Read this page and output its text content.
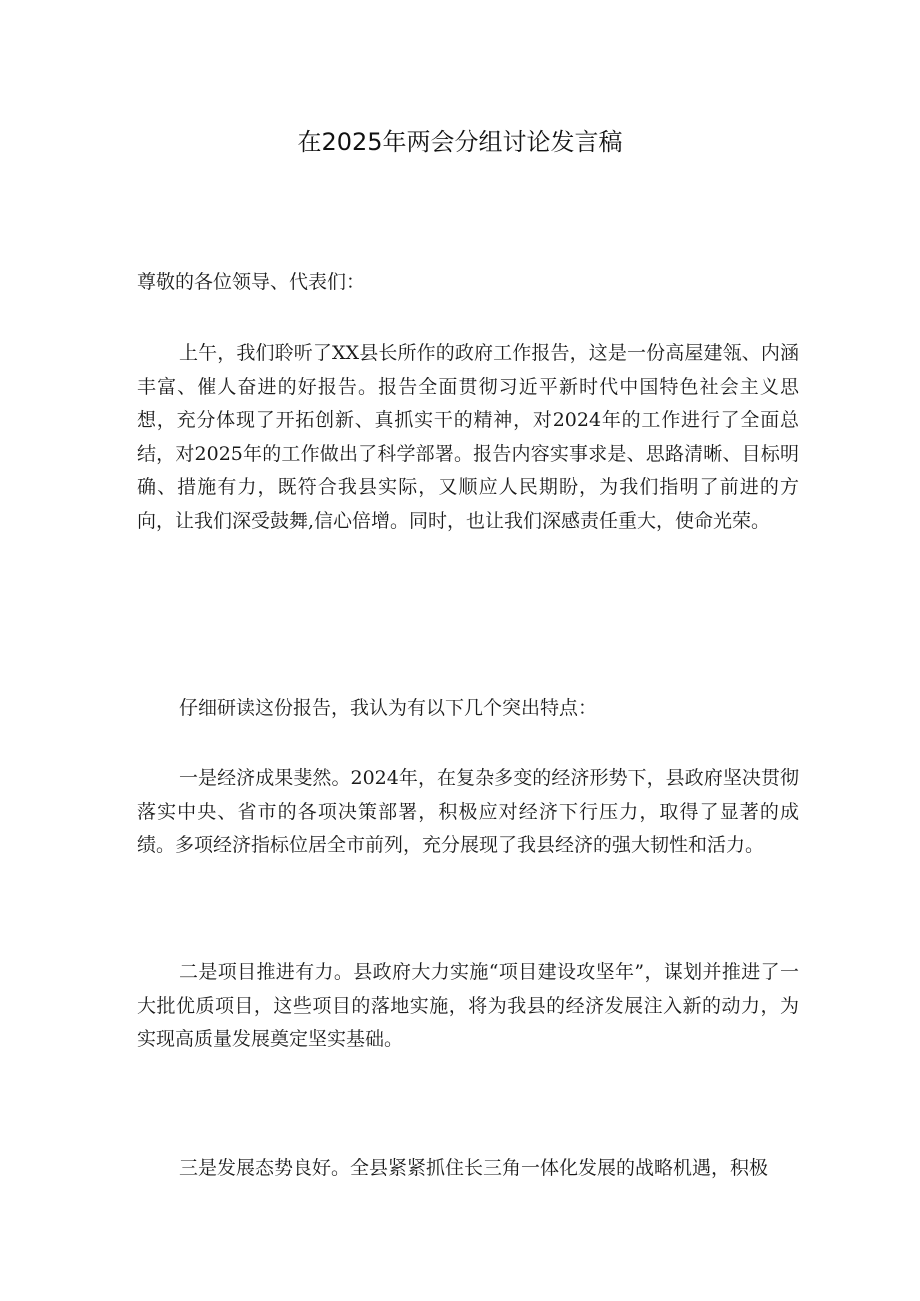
在2025年两会分组讨论发言稿

尊敬的各位领导、代表们：

上午，我们聆听了XX县长所作的政府工作报告，这是一份高屋建瓴、内涵丰富、催人奋进的好报告。报告全面贯彻习近平新时代中国特色社会主义思想，充分体现了开拓创新、真抓实干的精神，对2024年的工作进行了全面总结，对2025年的工作做出了科学部署。报告内容实事求是、思路清晰、目标明确、措施有力，既符合我县实际，又顺应人民期盼，为我们指明了前进的方向，让我们深受鼓舞,信心倍增。同时，也让我们深感责任重大，使命光荣。

仔细研读这份报告，我认为有以下几个突出特点：

一是经济成果斐然。2024年，在复杂多变的经济形势下，县政府坚决贯彻落实中央、省市的各项决策部署，积极应对经济下行压力，取得了显著的成绩。多项经济指标位居全市前列，充分展现了我县经济的强大韧性和活力。

二是项目推进有力。县政府大力实施“项目建设攻坚年”，谋划并推进了一大批优质项目，这些项目的落地实施，将为我县的经济发展注入新的动力，为实现高质量发展奠定坚实基础。

三是发展态势良好。全县紧紧抓住长三角一体化发展的战略机遇，积极
